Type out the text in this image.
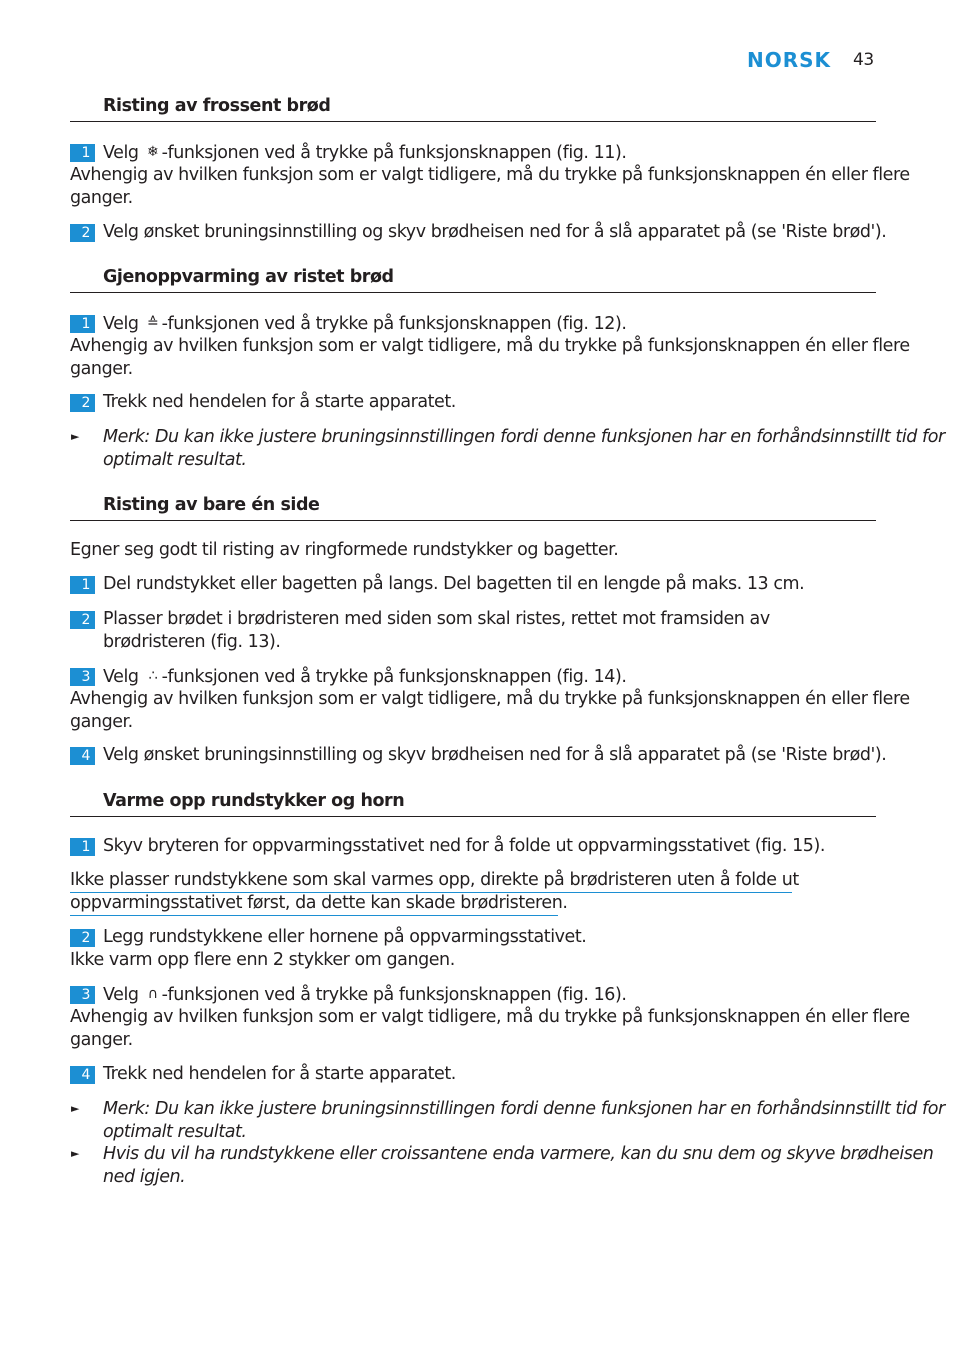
NORSK 43
Risting av frossent brød
1 Velg ❄ -funksjonen ved å trykke på funksjonsknappen (fig. 11).
Avhengig av hvilken funksjon som er valgt tidligere, må du trykke på funksjonsknappen én eller flere
ganger.
2 Velg ønsket bruningsinnstilling og skyv brødheisen ned for å slå apparatet på (se 'Riste brød').
Gjenoppvarming av ristet brød
1 Velg ≙ -funksjonen ved å trykke på funksjonsknappen (fig. 12).
Avhengig av hvilken funksjon som er valgt tidligere, må du trykke på funksjonsknappen én eller flere
ganger.
2 Trekk ned hendelen for å starte apparatet.
► Merk: Du kan ikke justere bruningsinnstillingen fordi denne funksjonen har en forhåndsinnstillt tid for
optimalt resultat.
Risting av bare én side
Egner seg godt til risting av ringformede rundstykker og bagetter.
1 Del rundstykket eller bagetten på langs. Del bagetten til en lengde på maks. 13 cm.
2 Plasser brødet i brødristeren med siden som skal ristes, rettet mot framsiden av
brødristeren (fig. 13).
3 Velg ∴ -funksjonen ved å trykke på funksjonsknappen (fig. 14).
Avhengig av hvilken funksjon som er valgt tidligere, må du trykke på funksjonsknappen én eller flere
ganger.
4 Velg ønsket bruningsinnstilling og skyv brødheisen ned for å slå apparatet på (se 'Riste brød').
Varme opp rundstykker og horn
1 Skyv bryteren for oppvarmingsstativet ned for å folde ut oppvarmingsstativet (fig. 15).
Ikke plasser rundstykkene som skal varmes opp, direkte på brødristeren uten å folde ut
oppvarmingsstativet først, da dette kan skade brødristeren.
2 Legg rundstykkene eller hornene på oppvarmingsstativet.
Ikke varm opp flere enn 2 stykker om gangen.
3 Velg ∩ -funksjonen ved å trykke på funksjonsknappen (fig. 16).
Avhengig av hvilken funksjon som er valgt tidligere, må du trykke på funksjonsknappen én eller flere
ganger.
4 Trekk ned hendelen for å starte apparatet.
► Merk: Du kan ikke justere bruningsinnstillingen fordi denne funksjonen har en forhåndsinnstillt tid for
optimalt resultat.
► Hvis du vil ha rundstykkene eller croissantene enda varmere, kan du snu dem og skyve brødheisen
ned igjen.
